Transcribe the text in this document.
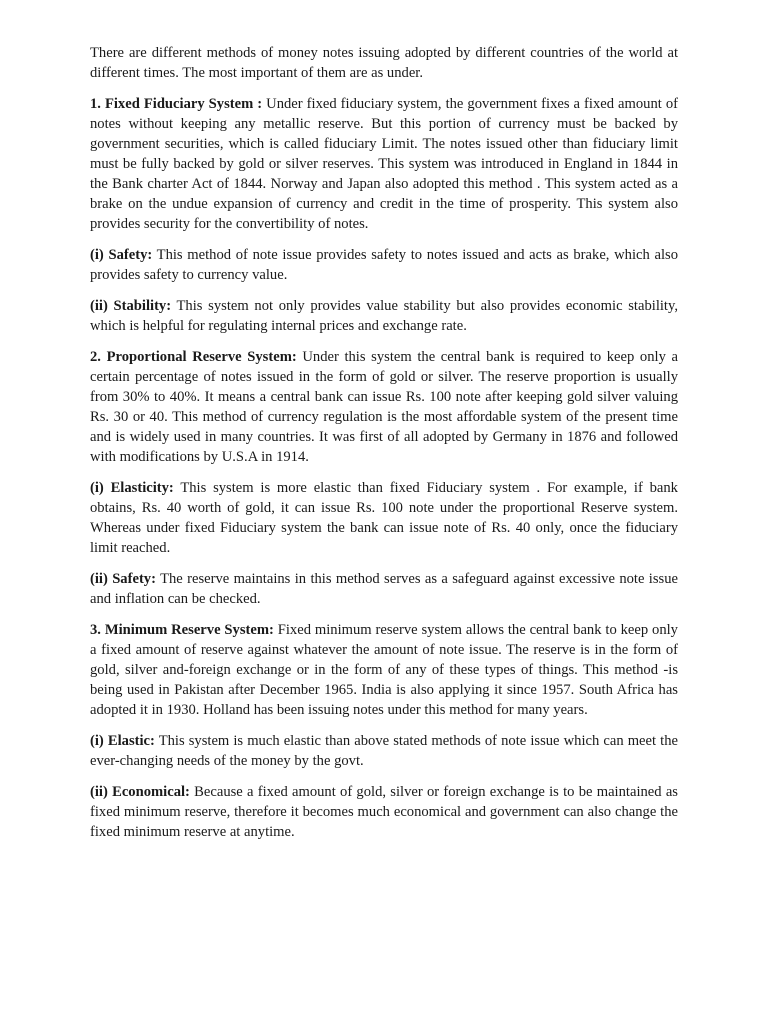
There are different methods of money notes issuing adopted by different countries of the world at different times. The most important of them are as under.

1. Fixed Fiduciary System : Under fixed fiduciary system, the government fixes a fixed amount of notes without keeping any metallic reserve. But this portion of currency must be backed by government securities, which is called fiduciary Limit. The notes issued other than fiduciary limit must be fully backed by gold or silver reserves. This system was introduced in England in 1844 in the Bank charter Act of 1844. Norway and Japan also adopted this method . This system acted as a brake on the undue expansion of currency and credit in the time of prosperity. This system also provides security for the convertibility of notes.

(i) Safety: This method of note issue provides safety to notes issued and acts as brake, which also provides safety to currency value.

(ii) Stability: This system not only provides value stability but also provides economic stability, which is helpful for regulating internal prices and exchange rate.

2. Proportional Reserve System: Under this system the central bank is required to keep only a certain percentage of notes issued in the form of gold or silver. The reserve proportion is usually from 30% to 40%. It means a central bank can issue Rs. 100 note after keeping gold silver valuing Rs. 30 or 40. This method of currency regulation is the most affordable system of the present time and is widely used in many countries. It was first of all adopted by Germany in 1876 and followed with modifications by U.S.A in 1914.

(i) Elasticity: This system is more elastic than fixed Fiduciary system . For example, if bank obtains, Rs. 40 worth of gold, it can issue Rs. 100 note under the proportional Reserve system. Whereas under fixed Fiduciary system the bank can issue note of Rs. 40 only, once the fiduciary limit reached.

(ii) Safety: The reserve maintains in this method serves as a safeguard against excessive note issue and inflation can be checked.

3. Minimum Reserve System: Fixed minimum reserve system allows the central bank to keep only a fixed amount of reserve against whatever the amount of note issue. The reserve is in the form of gold, silver and-foreign exchange or in the form of any of these types of things. This method -is being used in Pakistan after December 1965. India is also applying it since 1957. South Africa has adopted it in 1930. Holland has been issuing notes under this method for many years.

(i) Elastic: This system is much elastic than above stated methods of note issue which can meet the ever-changing needs of the money by the govt.

(ii) Economical: Because a fixed amount of gold, silver or foreign exchange is to be maintained as fixed minimum reserve, therefore it becomes much economical and government can also change the fixed minimum reserve at anytime.
